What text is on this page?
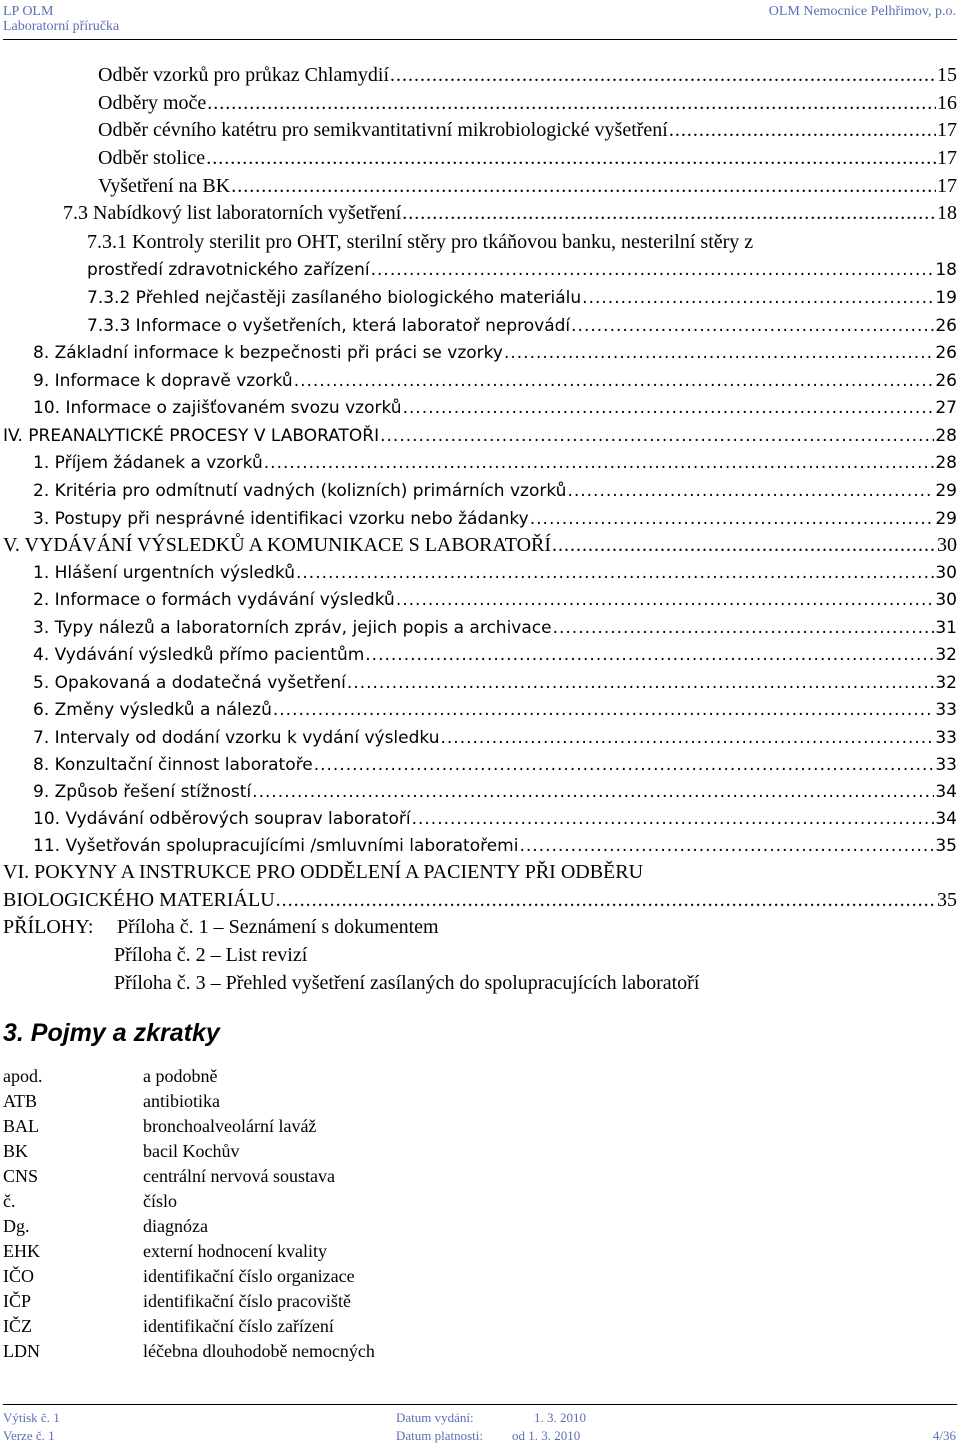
LP OLM
Laboratorní příručka
OLM Nemocnice Pelhřimov, p.o.
Odběr vzorků pro průkaz Chlamydií .....	15
Odběry moče .....	16
Odběr cévního katétru pro semikvantitativní mikrobiologické vyšetření .....	17
Odběr stolice .....	17
Vyšetření na BK .....	17
7.3 Nabídkový list laboratorních vyšetření .....	18
7.3.1 Kontroly sterilit pro OHT, sterilní stěry pro tkáňovou banku, nesterilní stěry z
prostředí zdravotnického zařízení .....	18
7.3.2 Přehled nejčastěji zasílaného biologického materiálu .....	19
7.3.3 Informace o vyšetřeních, která laboratoř neprovádí .....	26
8. Základní informace k bezpečnosti při práci se vzorky .....	26
9. Informace k dopravě vzorků .....	26
10. Informace o zajišťovaném svozu vzorků .....	27
IV. PREANALYTICKÉ PROCESY V LABORATOŘI .....	28
1. Příjem žádanek a vzorků .....	28
2. Kritéria pro odmítnutí vadných (kolizních) primárních vzorků .....	29
3. Postupy při nesprávné identifikaci vzorku nebo žádanky .....	29
V. VYDÁVÁNÍ VÝSLEDKŮ A KOMUNIKACE S LABORATOŘÍ .....	30
1. Hlášení urgentních výsledků .....	30
2. Informace o formách vydávání výsledků .....	30
3. Typy nálezů a laboratorních zpráv, jejich popis a archivace .....	31
4. Vydávání výsledků přímo pacientům .....	32
5. Opakovaná a dodatečná vyšetření .....	32
6. Změny výsledků a nálezů .....	33
7. Intervaly od dodání vzorku k vydání výsledku .....	33
8. Konzultační činnost laboratoře .....	33
9. Způsob řešení stížností .....	34
10. Vydávání odběrových souprav laboratoří .....	34
11. Vyšetřován spolupracujícími /smluvními laboratořemi .....	35
VI. POKYNY A INSTRUKCE PRO ODDĚLENÍ A PACIENTY PŘI ODBĚRU
BIOLOGICKÉHO MATERIÁLU .....	35
PŘÍLOHY: Příloha č. 1 – Seznámení s dokumentem
Příloha č. 2 – List revizí
Příloha č. 3 – Přehled vyšetření zasílaných do spolupracujících laboratoří
3. Pojmy a zkratky
apod.	a podobně
ATB	antibiotika
BAL	bronchoalveolární laváž
BK	bacil Kochův
CNS	centrální nervová soustava
č.	číslo
Dg.	diagnóza
EHK	externí hodnocení kvality
IČO	identifikační číslo organizace
IČP	identifikační číslo pracoviště
IČZ	identifikační číslo zařízení
LDN	léčebna dlouhodobě nemocných
Výtisk č. 1
Verze č. 1
Datum vydání:	1. 3. 2010
Datum platnosti: od 1. 3. 2010	4/36
